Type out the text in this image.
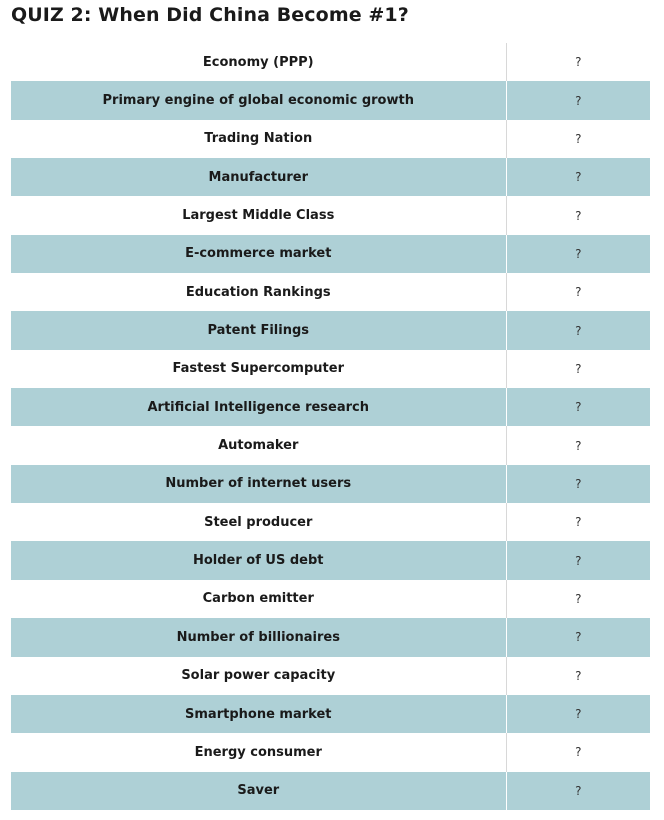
QUIZ 2: When Did China Become #1?
Economy (PPP)	?
Primary engine of global economic growth	?
Trading Nation	?
Manufacturer	?
Largest Middle Class	?
E-commerce market	?
Education Rankings	?
Patent Filings	?
Fastest Supercomputer	?
Artificial Intelligence research	?
Automaker	?
Number of internet users	?
Steel producer	?
Holder of US debt	?
Carbon emitter	?
Number of billionaires	?
Solar power capacity	?
Smartphone market	?
Energy consumer	?
Saver	?
